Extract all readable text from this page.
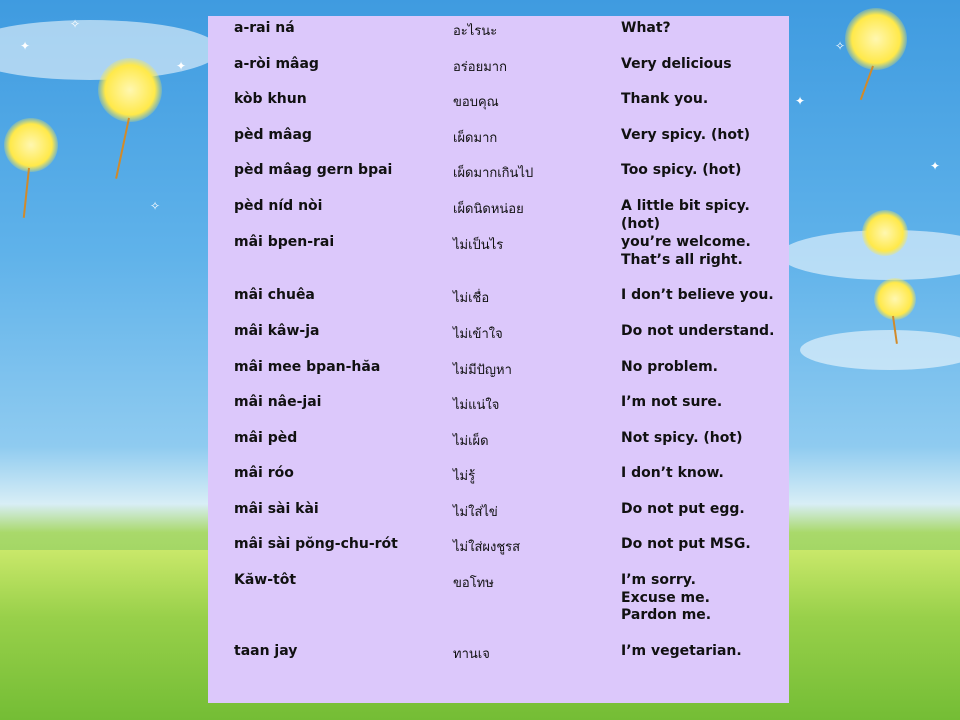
✦
✧
✦
✧
✦
✧
✦
a-rai ná	อะไรนะ	What?
a-ròi mâag	อร่อยมาก	Very delicious
kòb khun	ขอบคุณ	Thank you.
pèd mâag	เผ็ดมาก	Very spicy. (hot)
pèd mâag gern bpai	เผ็ดมากเกินไป	Too spicy. (hot)
pèd níd nòi	เผ็ดนิดหน่อย	A little bit spicy. (hot)
mâi bpen-rai	ไม่เป็นไร	you’re welcome.
That’s all right.
mâi chuêa	ไม่เชื่อ	I don’t believe you.
mâi kâw-ja	ไม่เข้าใจ	Do not understand.
mâi mee bpan-hăa	ไม่มีปัญหา	No problem.
mâi nâe-jai	ไม่แน่ใจ	I’m not sure.
mâi pèd	ไม่เผ็ด	Not spicy. (hot)
mâi róo	ไม่รู้	I don’t know.
mâi sài kài	ไม่ใส่ไข่	Do not put egg.
mâi sài pŏng-chu-rót	ไม่ใส่ผงชูรส	Do not put MSG.
Kăw-tôt	ขอโทษ	I’m sorry.
Excuse me.
Pardon me.
taan jay	ทานเจ	I’m vegetarian.
